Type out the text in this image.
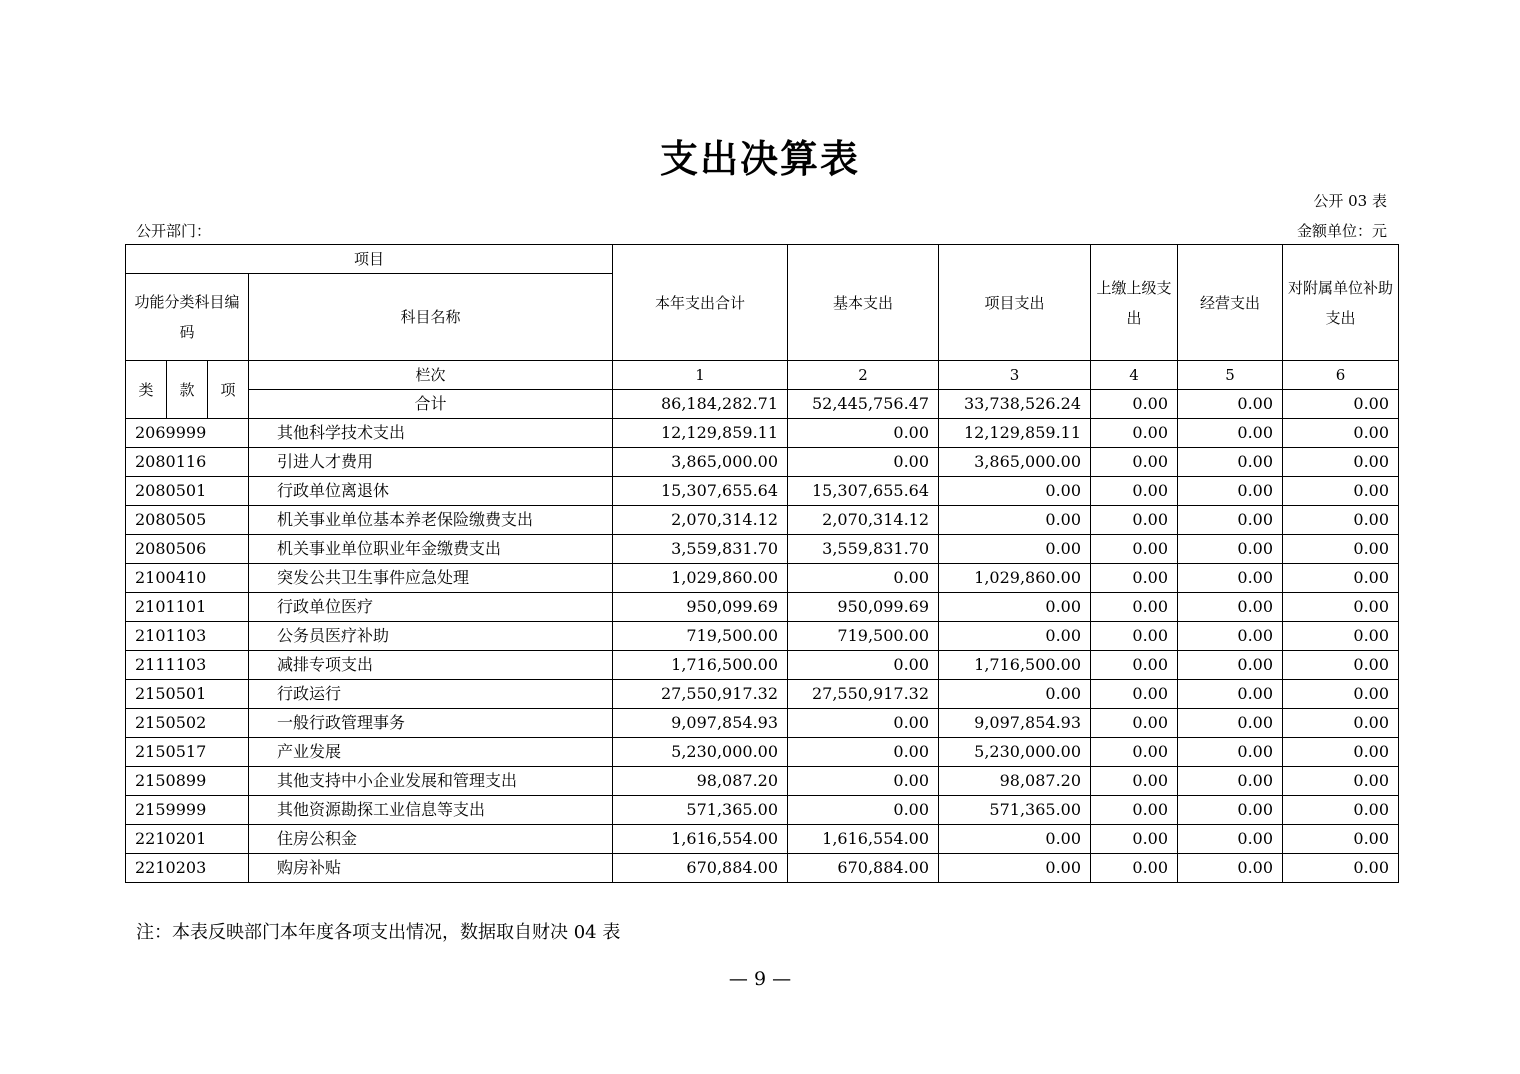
支出决算表
公开 03 表
公开部门：	金额单位：元
项目				本年支出合计	基本支出	项目支出	上缴上级支出	经营支出	对附属单位补助支出
功能分类科目编码			科目名称						
类	款	项	栏次	1	2	3	4	5	6
			合计	86,184,282.71	52,445,756.47	33,738,526.24	0.00	0.00	0.00
2069999			其他科学技术支出	12,129,859.11	0.00	12,129,859.11	0.00	0.00	0.00
2080116			引进人才费用	3,865,000.00	0.00	3,865,000.00	0.00	0.00	0.00
2080501			行政单位离退休	15,307,655.64	15,307,655.64	0.00	0.00	0.00	0.00
2080505			机关事业单位基本养老保险缴费支出	2,070,314.12	2,070,314.12	0.00	0.00	0.00	0.00
2080506			机关事业单位职业年金缴费支出	3,559,831.70	3,559,831.70	0.00	0.00	0.00	0.00
2100410			突发公共卫生事件应急处理	1,029,860.00	0.00	1,029,860.00	0.00	0.00	0.00
2101101			行政单位医疗	950,099.69	950,099.69	0.00	0.00	0.00	0.00
2101103			公务员医疗补助	719,500.00	719,500.00	0.00	0.00	0.00	0.00
2111103			减排专项支出	1,716,500.00	0.00	1,716,500.00	0.00	0.00	0.00
2150501			行政运行	27,550,917.32	27,550,917.32	0.00	0.00	0.00	0.00
2150502			一般行政管理事务	9,097,854.93	0.00	9,097,854.93	0.00	0.00	0.00
2150517			产业发展	5,230,000.00	0.00	5,230,000.00	0.00	0.00	0.00
2150899			其他支持中小企业发展和管理支出	98,087.20	0.00	98,087.20	0.00	0.00	0.00
2159999			其他资源勘探工业信息等支出	571,365.00	0.00	571,365.00	0.00	0.00	0.00
2210201			住房公积金	1,616,554.00	1,616,554.00	0.00	0.00	0.00	0.00
2210203			购房补贴	670,884.00	670,884.00	0.00	0.00	0.00	0.00
注：本表反映部门本年度各项支出情况，数据取自财决 04 表
— 9 —
